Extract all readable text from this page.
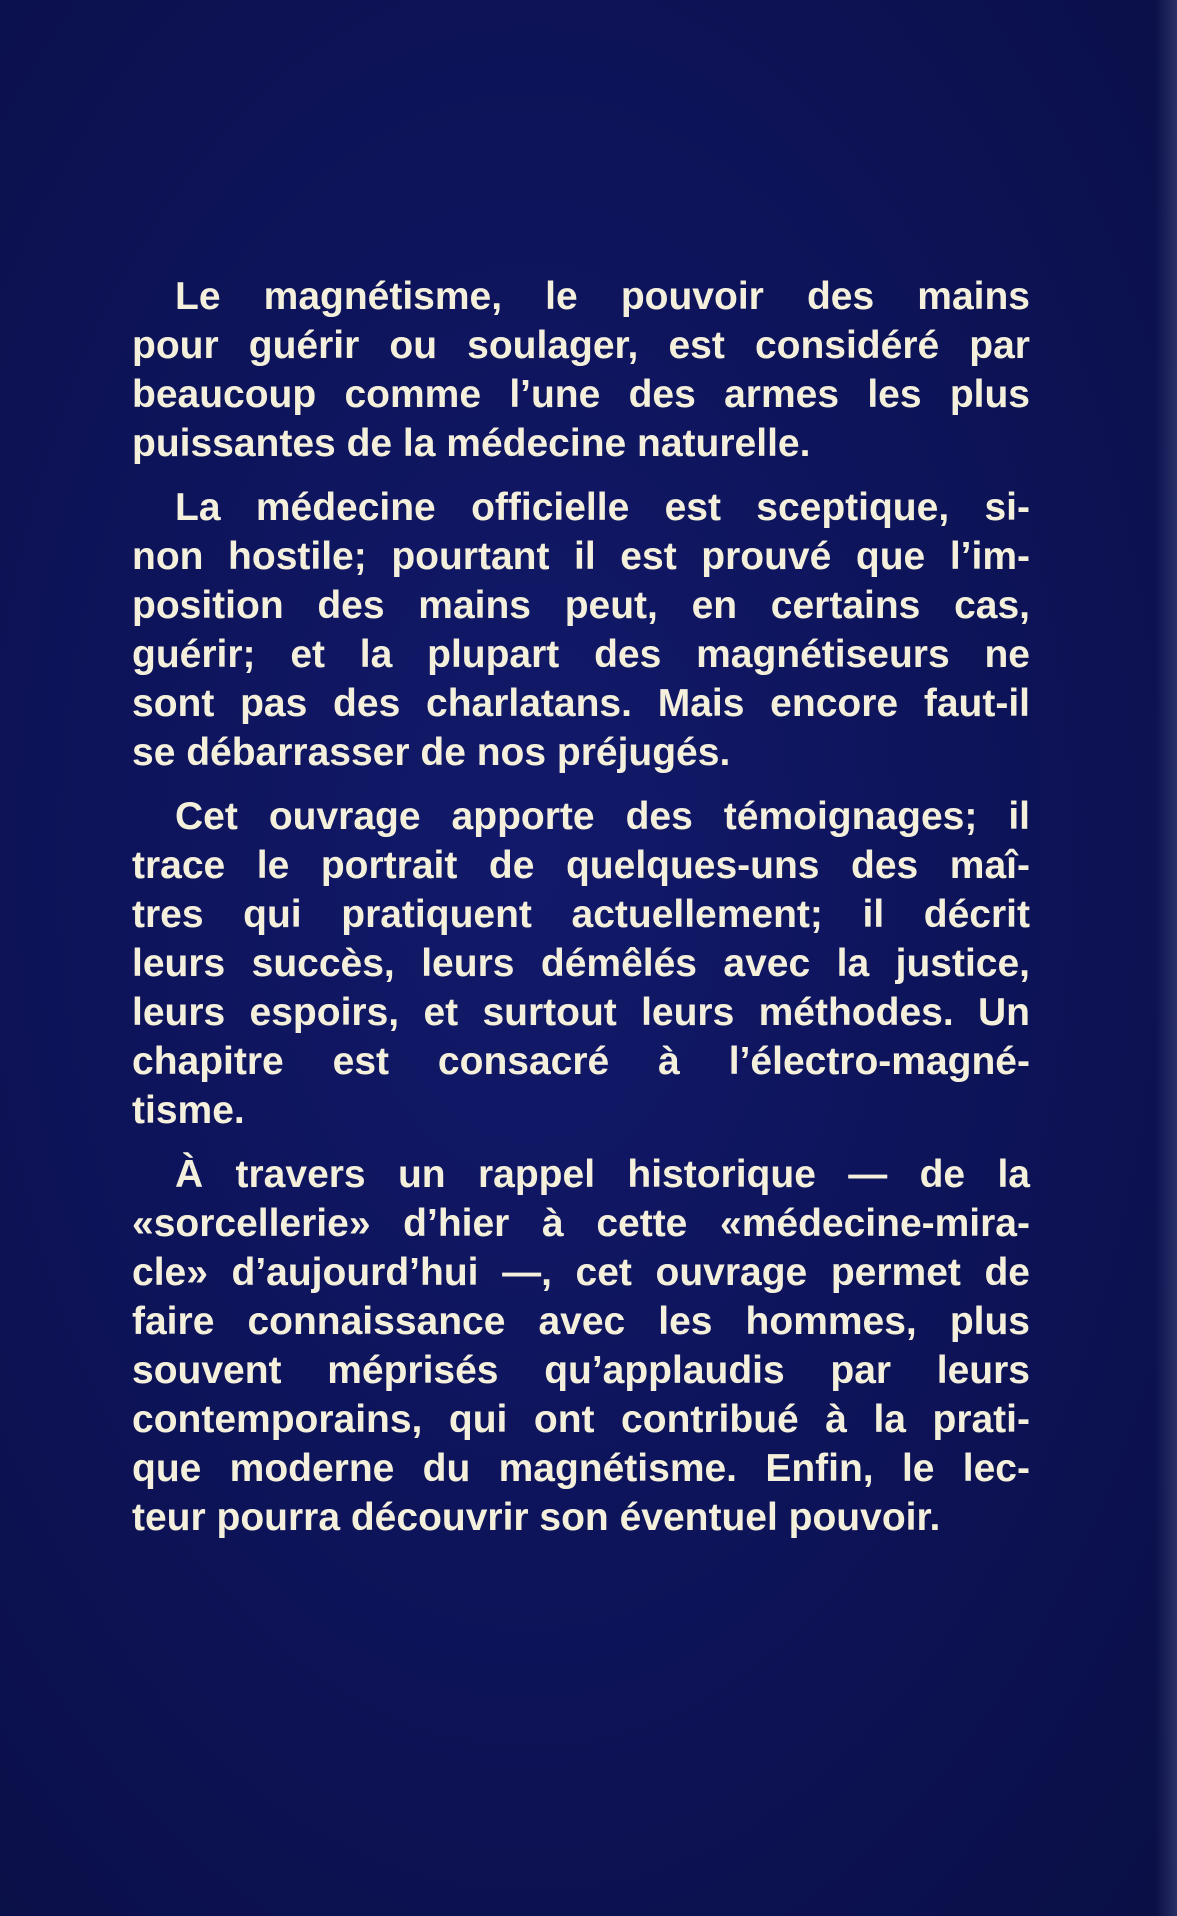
Le magnétisme, le pouvoir des mains
pour guérir ou soulager, est considéré par
beaucoup comme l’une des armes les plus
puissantes de la médecine naturelle.
La médecine officielle est sceptique, si-
non hostile; pourtant il est prouvé que l’im-
position des mains peut, en certains cas,
guérir; et la plupart des magnétiseurs ne
sont pas des charlatans. Mais encore faut-il
se débarrasser de nos préjugés.
Cet ouvrage apporte des témoignages; il
trace le portrait de quelques-uns des maî-
tres qui pratiquent actuellement; il décrit
leurs succès, leurs démêlés avec la justice,
leurs espoirs, et surtout leurs méthodes. Un
chapitre est consacré à l’électro-magné-
tisme.
À travers un rappel historique — de la
«sorcellerie» d’hier à cette «médecine-mira-
cle» d’aujourd’hui —, cet ouvrage permet de
faire connaissance avec les hommes, plus
souvent méprisés qu’applaudis par leurs
contemporains, qui ont contribué à la prati-
que moderne du magnétisme. Enfin, le lec-
teur pourra découvrir son éventuel pouvoir.
